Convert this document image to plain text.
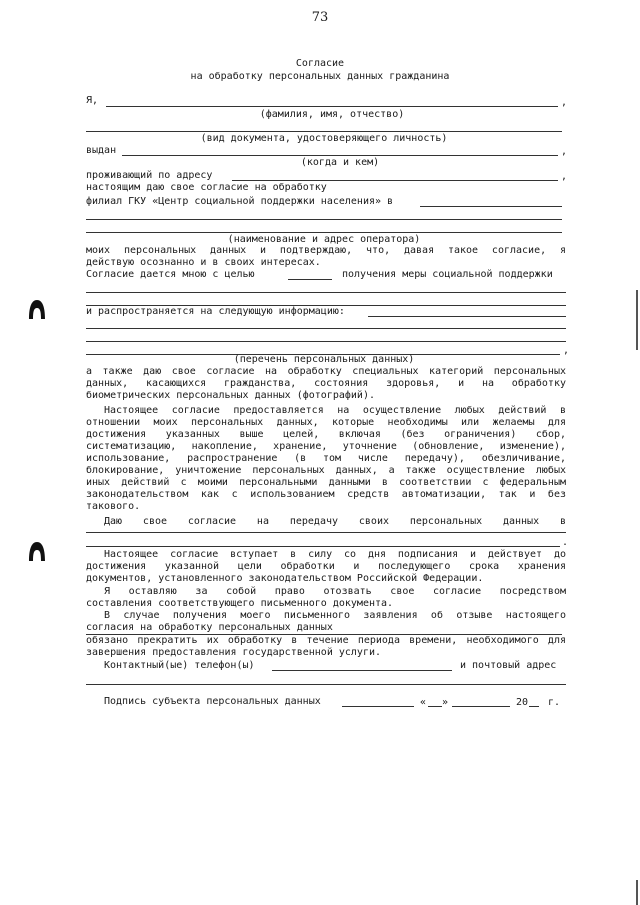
73
Согласие
на обработку персональных данных гражданина
Я,	,
(фамилия, имя, отчество)
(вид документа, удостоверяющего личность)
выдан	,
(когда и кем)
проживающий по адресу	,
настоящим даю свое согласие на обработку
филиал ГКУ «Центр социальной поддержки населения» в
(наименование и адрес оператора)
моих персональных данных и подтверждаю, что, давая такое согласие, я
действую осознанно и в своих интересах.
Согласие дается мною с целью	получения меры социальной поддержки
и распространяется на следующую информацию:
,
(перечень персональных данных)
а также даю свое согласие на обработку специальных категорий персональных
данных, касающихся гражданства, состояния здоровья, и на обработку
биометрических персональных данных (фотографий).
Настоящее согласие предоставляется на осуществление любых действий в
отношении моих персональных данных, которые необходимы или желаемы для
достижения указанных выше целей, включая (без ограничения) сбор,
систематизацию, накопление, хранение, уточнение (обновление, изменение),
использование, распространение (в том числе передачу), обезличивание,
блокирование, уничтожение персональных данных, а также осуществление любых
иных действий с моими персональными данными в соответствии с федеральным
законодательством как с использованием средств автоматизации, так и без
такового.
Даю свое согласие на передачу своих персональных данных в
.
Настоящее согласие вступает в силу со дня подписания и действует до
достижения указанной цели обработки и последующего срока хранения
документов, установленного законодательством Российской Федерации.
Я оставляю за собой право отозвать свое согласие посредством
составления соответствующего письменного документа.
В случае получения моего письменного заявления об отзыве настоящего
согласия на обработку персональных данных
обязано прекратить их обработку в течение периода времени, необходимого для
завершения предоставления государственной услуги.
Контактный(ые) телефон(ы)	и почтовый адрес
Подпись субъекта персональных данных	« »	20 г.
